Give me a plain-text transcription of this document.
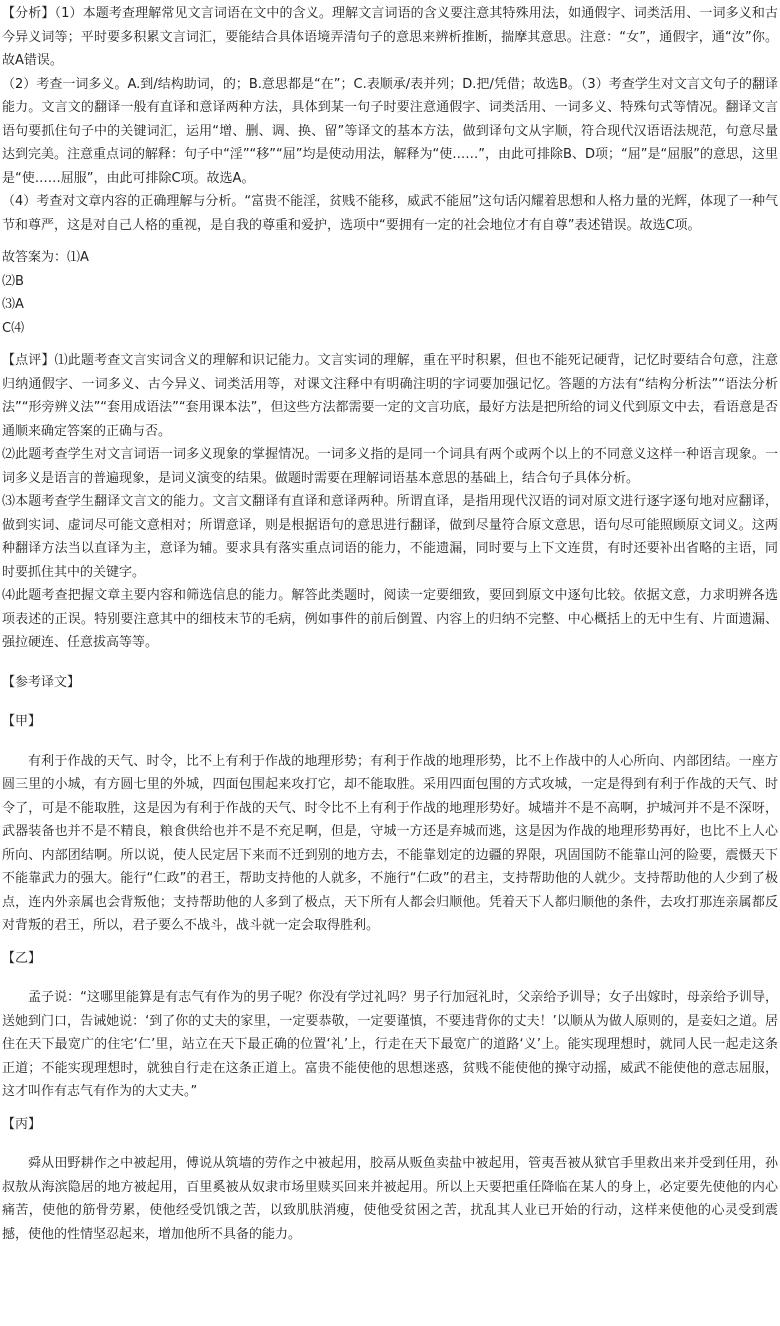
【分析】（1）本题考查理解常见文言词语在文中的含义。理解文言词语的含义要注意其特殊用法，如通假字、词类活用、一词多义和古今异义词等；平时要多积累文言词汇，要能结合具体语境弄清句子的意思来辨析推断，揣摩其意思。注意：“女”，通假字，通“汝”你。故A错误。

（2）考查一词多义。A.到/结构助词，的；B.意思都是“在”；C.表顺承/表并列；D.把/凭借；故选B。（3）考查学生对文言文句子的翻译能力。文言文的翻译一般有直译和意译两种方法，具体到某一句子时要注意通假字、词类活用、一词多义、特殊句式等情况。翻译文言语句要抓住句子中的关键词汇，运用“增、删、调、换、留”等译文的基本方法，做到译句文从字顺，符合现代汉语语法规范，句意尽量达到完美。注意重点词的解释：句子中“淫”“移”“屈”均是使动用法，解释为“使……”，由此可排除B、D项；“屈”是“屈服”的意思，这里是“使……屈服”，由此可排除C项。故选A。

（4）考查对文章内容的正确理解与分析。“富贵不能淫，贫贱不能移，威武不能屈”这句话闪耀着思想和人格力量的光辉，体现了一种气节和尊严，这是对自己人格的重视，是自我的尊重和爱护，选项中“要拥有一定的社会地位才有自尊”表述错误。故选C项。

故答案为：⑴A

⑵B

⑶A

C⑷

【点评】⑴此题考查文言实词含义的理解和识记能力。文言实词的理解，重在平时积累，但也不能死记硬背，记忆时要结合句意，注意归纳通假字、一词多义、古今异义、词类活用等，对课文注释中有明确注明的字词要加强记忆。答题的方法有“结构分析法”“语法分析法”“形旁辨义法”“套用成语法”“套用课本法”，但这些方法都需要一定的文言功底，最好方法是把所给的词义代到原文中去，看语意是否通顺来确定答案的正确与否。

⑵此题考查学生对文言词语一词多义现象的掌握情况。一词多义指的是同一个词具有两个或两个以上的不同意义这样一种语言现象。一词多义是语言的普遍现象，是词义演变的结果。做题时需要在理解词语基本意思的基础上，结合句子具体分析。

⑶本题考查学生翻译文言文的能力。文言文翻译有直译和意译两种。所谓直译，是指用现代汉语的词对原文进行逐字逐句地对应翻译，做到实词、虚词尽可能文意相对；所谓意译，则是根据语句的意思进行翻译，做到尽量符合原文意思，语句尽可能照顾原文词义。这两种翻译方法当以直译为主，意译为辅。要求具有落实重点词语的能力，不能遗漏，同时要与上下文连贯，有时还要补出省略的主语，同时要抓住其中的关键字。

⑷此题考查把握文章主要内容和筛选信息的能力。解答此类题时，阅读一定要细致，要回到原文中逐句比较。依据文意，力求明辨各选项表述的正误。特别要注意其中的细枝末节的毛病，例如事件的前后倒置、内容上的归纳不完整、中心概括上的无中生有、片面遗漏、强拉硬连、任意拔高等等。

【参考译文】

【甲】

有利于作战的天气、时令，比不上有利于作战的地理形势；有利于作战的地理形势，比不上作战中的人心所向、内部团结。一座方圆三里的小城，有方圆七里的外城，四面包围起来攻打它，却不能取胜。采用四面包围的方式攻城，一定是得到有利于作战的天气、时令了，可是不能取胜，这是因为有利于作战的天气、时令比不上有利于作战的地理形势好。城墙并不是不高啊，护城河并不是不深呀，武器装备也并不是不精良，粮食供给也并不是不充足啊，但是，守城一方还是弃城而逃，这是因为作战的地理形势再好，也比不上人心所向、内部团结啊。所以说，使人民定居下来而不迁到别的地方去，不能靠划定的边疆的界限，巩固国防不能靠山河的险要，震慑天下不能靠武力的强大。能行“仁政”的君王，帮助支持他的人就多，不施行“仁政”的君主，支持帮助他的人就少。支持帮助他的人少到了极点，连内外亲属也会背叛他；支持帮助他的人多到了极点，天下所有人都会归顺他。凭着天下人都归顺他的条件，去攻打那连亲属都反对背叛的君王，所以，君子要么不战斗，战斗就一定会取得胜利。

【乙】

孟子说：“这哪里能算是有志气有作为的男子呢？你没有学过礼吗？男子行加冠礼时，父亲给予训导；女子出嫁时，母亲给予训导，送她到门口，告诫她说：‘到了你的丈夫的家里，一定要恭敬，一定要谨慎，不要违背你的丈夫！’以顺从为做人原则的，是妾妇之道。居住在天下最宽广的住宅‘仁’里，站立在天下最正确的位置‘礼’上，行走在天下最宽广的道路‘义’上。能实现理想时，就同人民一起走这条正道；不能实现理想时，就独自行走在这条正道上。富贵不能使他的思想迷惑，贫贱不能使他的操守动摇，威武不能使他的意志屈服，这才叫作有志气有作为的大丈夫。”

【丙】

舜从田野耕作之中被起用，傅说从筑墙的劳作之中被起用，胶鬲从贩鱼卖盐中被起用，管夷吾被从狱官手里救出来并受到任用，孙叔敖从海滨隐居的地方被起用，百里奚被从奴隶市场里赎买回来并被起用。所以上天要把重任降临在某人的身上，必定要先使他的内心痛苦，使他的筋骨劳累，使他经受饥饿之苦，以致肌肤消瘦，使他受贫困之苦，扰乱其人业已开始的行动，这样来使他的心灵受到震撼，使他的性情坚忍起来，增加他所不具备的能力。
